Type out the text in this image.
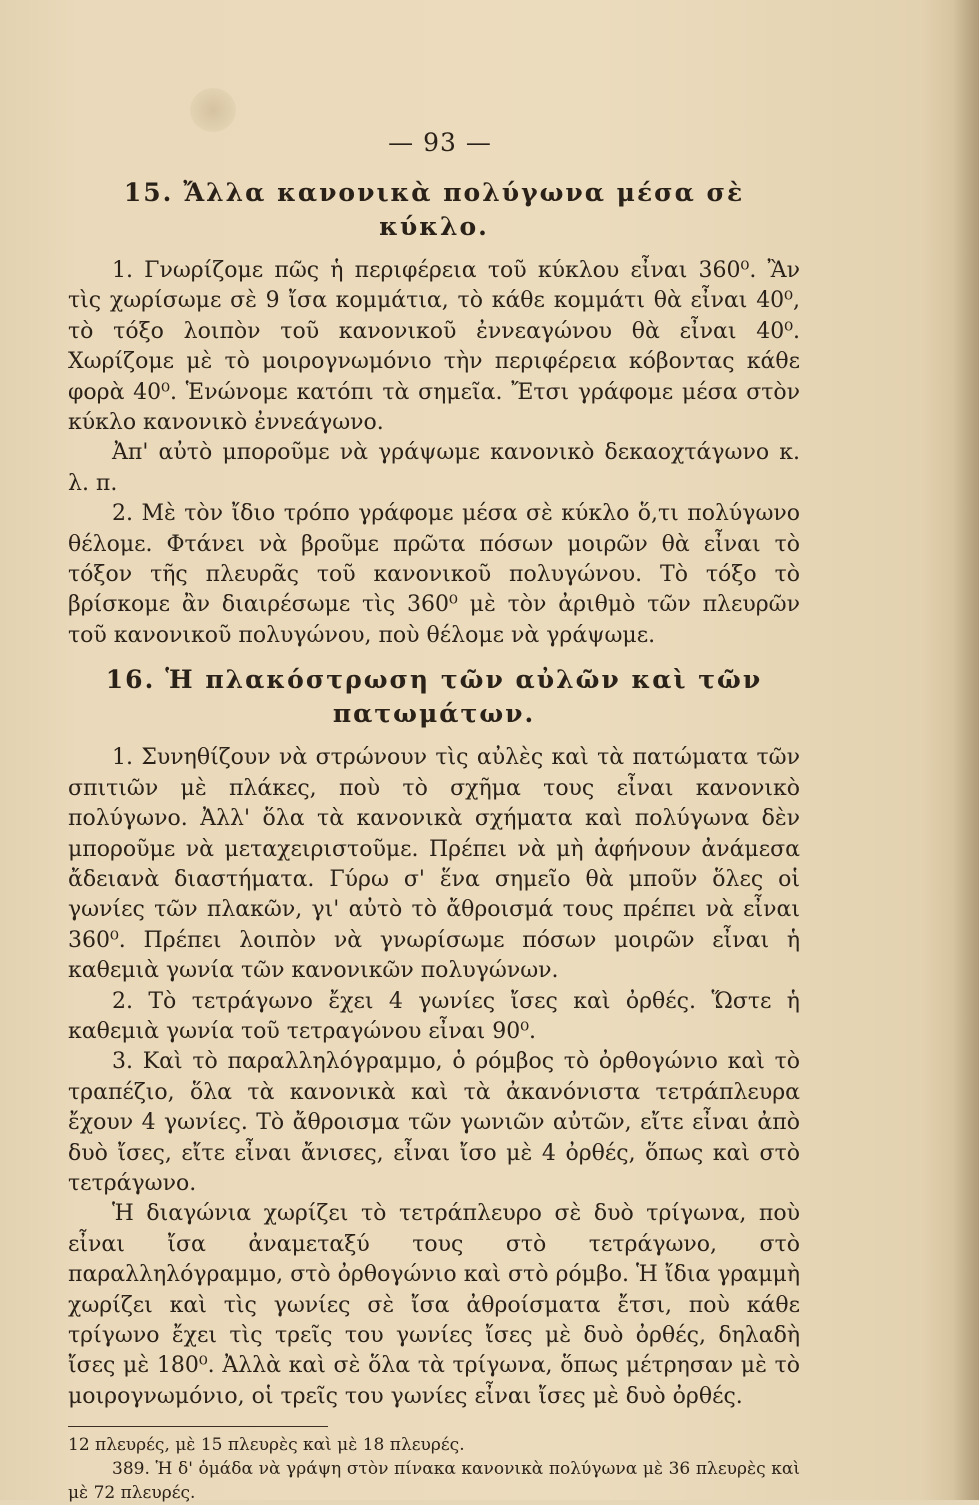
— 93 —
15. Ἄλλα κανονικὰ πολύγωνα μέσα σὲ κύκλο.

1. Γνωρίζομε πῶς ἡ περιφέρεια τοῦ κύκλου εἶναι 360⁰. Ἂν τὶς χωρίσωμε σὲ 9 ἴσα κομμάτια, τὸ κάθε κομμάτι θὰ εἶναι 40⁰, τὸ τόξο λοιπὸν τοῦ κανονικοῦ ἐννεαγώνου θὰ εἶναι 40⁰. Χωρίζομε μὲ τὸ μοιρογνωμόνιο τὴν περιφέρεια κόβοντας κάθε φορὰ 40⁰. Ἑνώνομε κατόπι τὰ σημεῖα. Ἔτσι γράφομε μέσα στὸν κύκλο κανονικὸ ἐννεάγωνο.

Ἀπ' αὐτὸ μποροῦμε νὰ γράψωμε κανονικὸ δεκαοχτάγωνο κ. λ. π.

2. Μὲ τὸν ἴδιο τρόπο γράφομε μέσα σὲ κύκλο ὅ,τι πολύγωνο θέλομε. Φτάνει νὰ βροῦμε πρῶτα πόσων μοιρῶν θὰ εἶναι τὸ τόξον τῆς πλευρᾶς τοῦ κανονικοῦ πολυγώνου. Τὸ τόξο τὸ βρίσκομε ἂν διαιρέσωμε τὶς 360⁰ μὲ τὸν ἀριθμὸ τῶν πλευρῶν τοῦ κανονικοῦ πολυγώνου, ποὺ θέλομε νὰ γράψωμε.

16. Ἡ πλακόστρωση τῶν αὐλῶν καὶ τῶν πατωμάτων.

1. Συνηθίζουν νὰ στρώνουν τὶς αὐλὲς καὶ τὰ πατώματα τῶν σπιτιῶν μὲ πλάκες, ποὺ τὸ σχῆμα τους εἶναι κανονικὸ πολύγωνο. Ἀλλ' ὅλα τὰ κανονικὰ σχήματα καὶ πολύγωνα δὲν μποροῦμε νὰ μεταχειριστοῦμε. Πρέπει νὰ μὴ ἀφήνουν ἀνάμεσα ἄδειανὰ διαστήματα. Γύρω σ' ἕνα σημεῖο θὰ μποῦν ὅλες οἱ γωνίες τῶν πλακῶν, γι' αὐτὸ τὸ ἄθροισμά τους πρέπει νὰ εἶναι 360⁰. Πρέπει λοιπὸν νὰ γνωρίσωμε πόσων μοιρῶν εἶναι ἡ καθεμιὰ γωνία τῶν κανονικῶν πολυγώνων.

2. Τὸ τετράγωνο ἔχει 4 γωνίες ἴσες καὶ ὀρθές. Ὥστε ἡ καθεμιὰ γωνία τοῦ τετραγώνου εἶναι 90⁰.

3. Καὶ τὸ παραλληλόγραμμο, ὁ ρόμβος τὸ ὀρθογώνιο καὶ τὸ τραπέζιο, ὅλα τὰ κανονικὰ καὶ τὰ ἀκανόνιστα τετράπλευρα ἔχουν 4 γωνίες. Τὸ ἄθροισμα τῶν γωνιῶν αὐτῶν, εἴτε εἶναι ἀπὸ δυὸ ἴσες, εἴτε εἶναι ἄνισες, εἶναι ἴσο μὲ 4 ὀρθές, ὅπως καὶ στὸ τετράγωνο.

Ἡ διαγώνια χωρίζει τὸ τετράπλευρο σὲ δυὸ τρίγωνα, ποὺ εἶναι ἴσα ἀναμεταξύ τους στὸ τετράγωνο, στὸ παραλληλόγραμμο, στὸ ὀρθογώνιο καὶ στὸ ρόμβο. Ἡ ἴδια γραμμὴ χωρίζει καὶ τὶς γωνίες σὲ ἴσα ἀθροίσματα ἔτσι, ποὺ κάθε τρίγωνο ἔχει τὶς τρεῖς του γωνίες ἴσες μὲ δυὸ ὀρθές, δηλαδὴ ἴσες μὲ 180⁰. Ἀλλὰ καὶ σὲ ὅλα τὰ τρίγωνα, ὅπως μέτρησαν μὲ τὸ μοιρογνωμόνιο, οἱ τρεῖς του γωνίες εἶναι ἴσες μὲ δυὸ ὀρθές.

12 πλευρές, μὲ 15 πλευρὲς καὶ μὲ 18 πλευρές.

389. Ἡ δ' ὁμάδα νὰ γράψη στὸν πίνακα κανονικὰ πολύγωνα μὲ 36 πλευρὲς καὶ μὲ 72 πλευρές.
